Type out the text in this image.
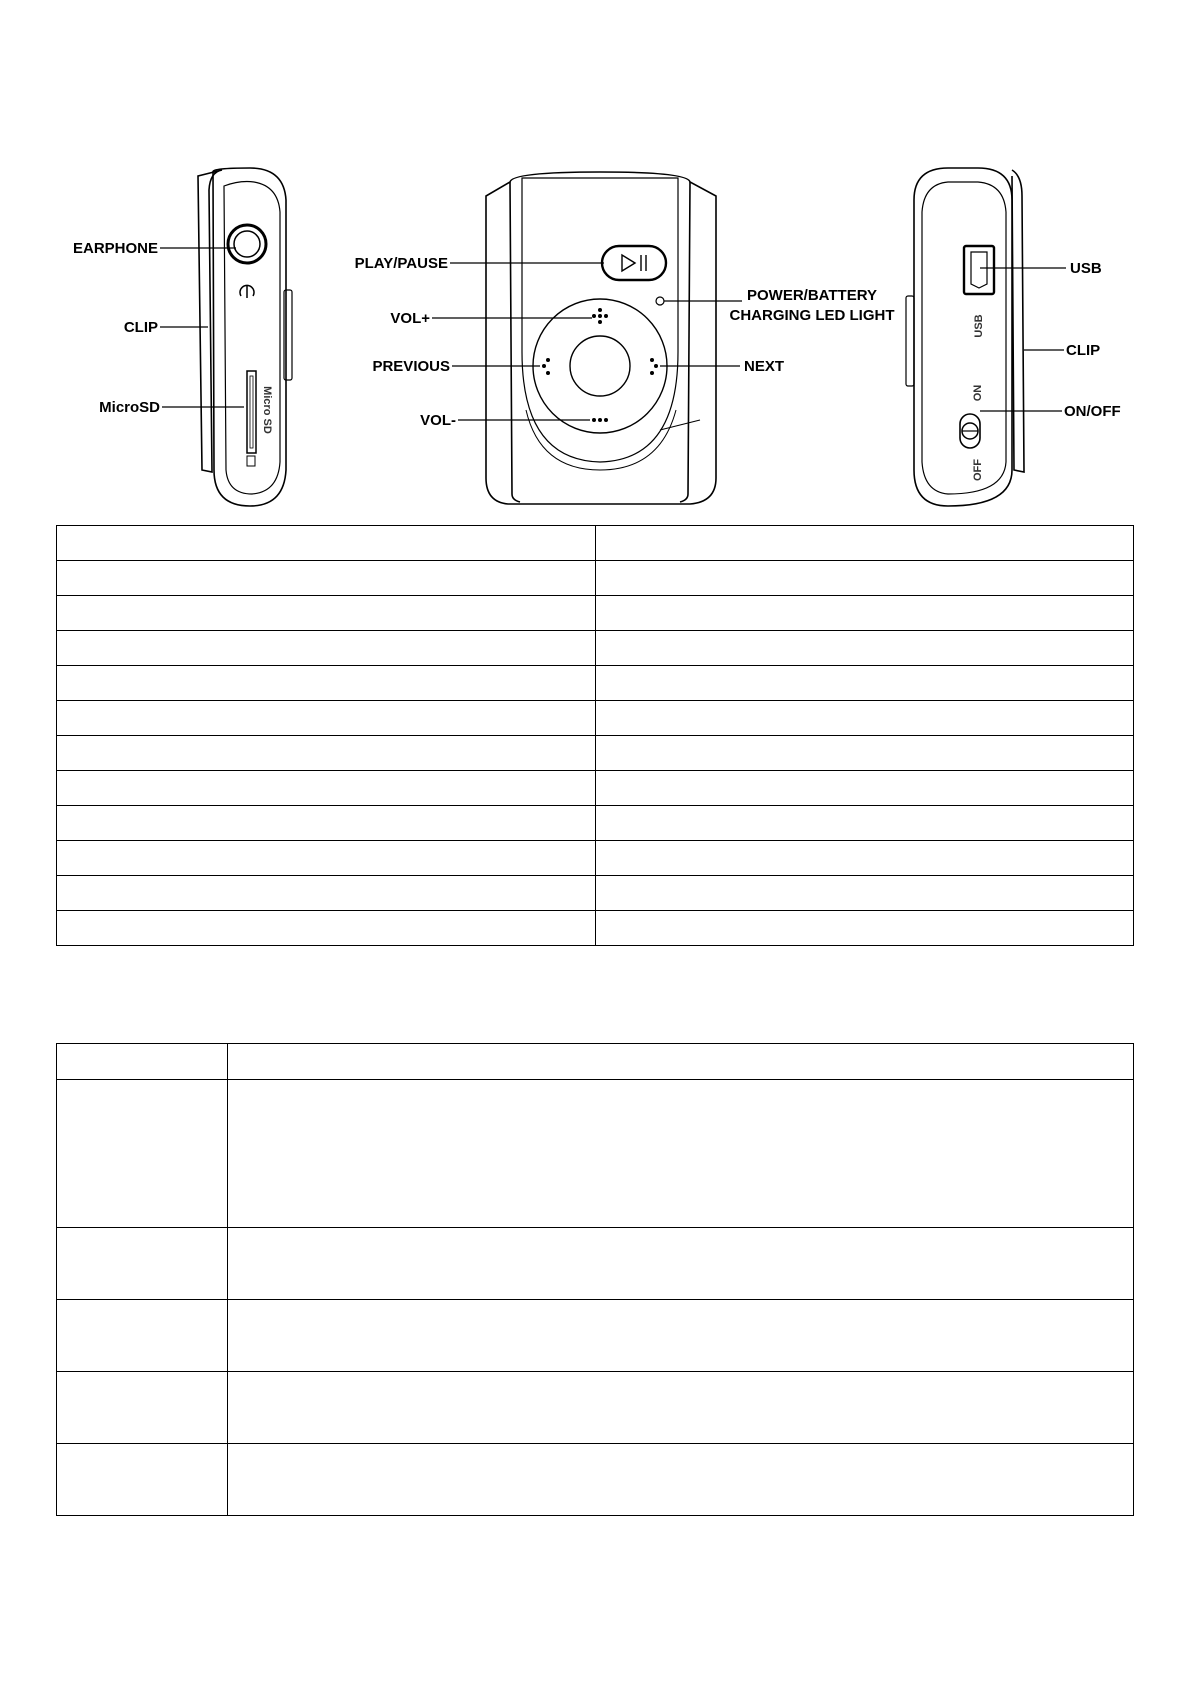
Micro SD
USB
ON
OFF
EARPHONE
CLIP
MicroSD
PLAY/PAUSE
VOL+
PREVIOUS
VOL-
POWER/BATTERY
CHARGING LED LIGHT
NEXT
USB
CLIP
ON/OFF
